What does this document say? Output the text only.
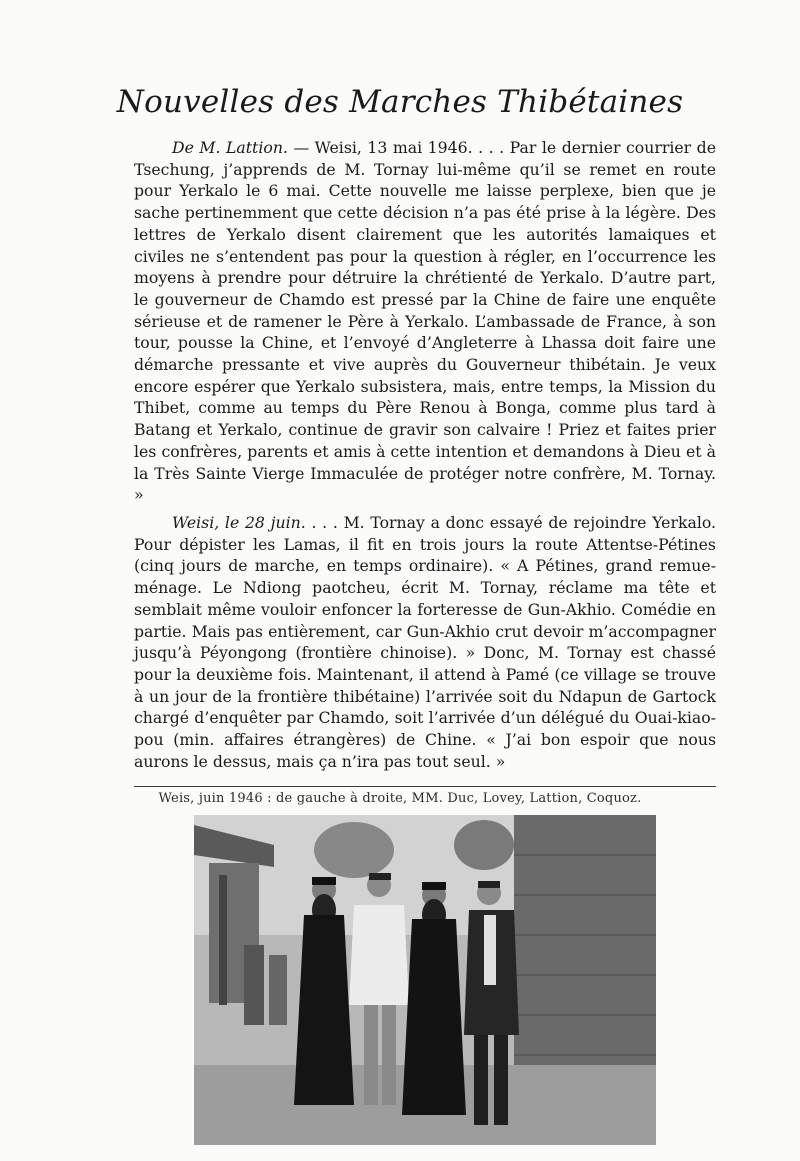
Nouvelles des Marches Thibétaines
De M. Lattion. — Weisi, 13 mai 1946. . . . Par le dernier courrier de Tsechung, j’apprends de M. Tornay lui-même qu’il se remet en route pour Yerkalo le 6 mai. Cette nouvelle me laisse perplexe, bien que je sache pertinemment que cette décision n’a pas été prise à la légère. Des lettres de Yerkalo disent clairement que les autorités lamaiques et civiles ne s’entendent pas pour la question à régler, en l’occurrence les moyens à prendre pour détruire la chrétienté de Yerkalo. D’autre part, le gouverneur de Chamdo est pressé par la Chine de faire une enquête sérieuse et de ramener le Père à Yerkalo. L’ambassade de France, à son tour, pousse la Chine, et l’envoyé d’Angleterre à Lhassa doit faire une démarche pressante et vive auprès du Gouverneur thibétain. Je veux encore espérer que Yerkalo subsistera, mais, entre temps, la Mission du Thibet, comme au temps du Père Renou à Bonga, comme plus tard à Batang et Yerkalo, continue de gravir son calvaire ! Priez et faites prier les confrères, parents et amis à cette intention et demandons à Dieu et à la Très Sainte Vierge Immaculée de protéger notre confrère, M. Tornay. »
Weisi, le 28 juin. . . . M. Tornay a donc essayé de rejoindre Yerkalo. Pour dépister les Lamas, il fit en trois jours la route Attentse-Pétines (cinq jours de marche, en temps ordinaire). « A Pétines, grand remue-ménage. Le Ndiong paotcheu, écrit M. Tornay, réclame ma tête et semblait même vouloir enfoncer la forteresse de Gun-Akhio. Comédie en partie. Mais pas entièrement, car Gun-Akhio crut devoir m’accompagner jusqu’à Péyongong (frontière chinoise). » Donc, M. Tornay est chassé pour la deuxième fois. Maintenant, il attend à Pamé (ce village se trouve à un jour de la frontière thibétaine) l’arrivée soit du Ndapun de Gartock chargé d’enquêter par Chamdo, soit l’arrivée d’un délégué du Ouai-kiao-pou (min. affaires étrangères) de Chine. « J’ai bon espoir que nous aurons le dessus, mais ça n’ira pas tout seul. »
Weis, juin 1946 : de gauche à droite, MM. Duc, Lovey, Lattion, Coquoz.
